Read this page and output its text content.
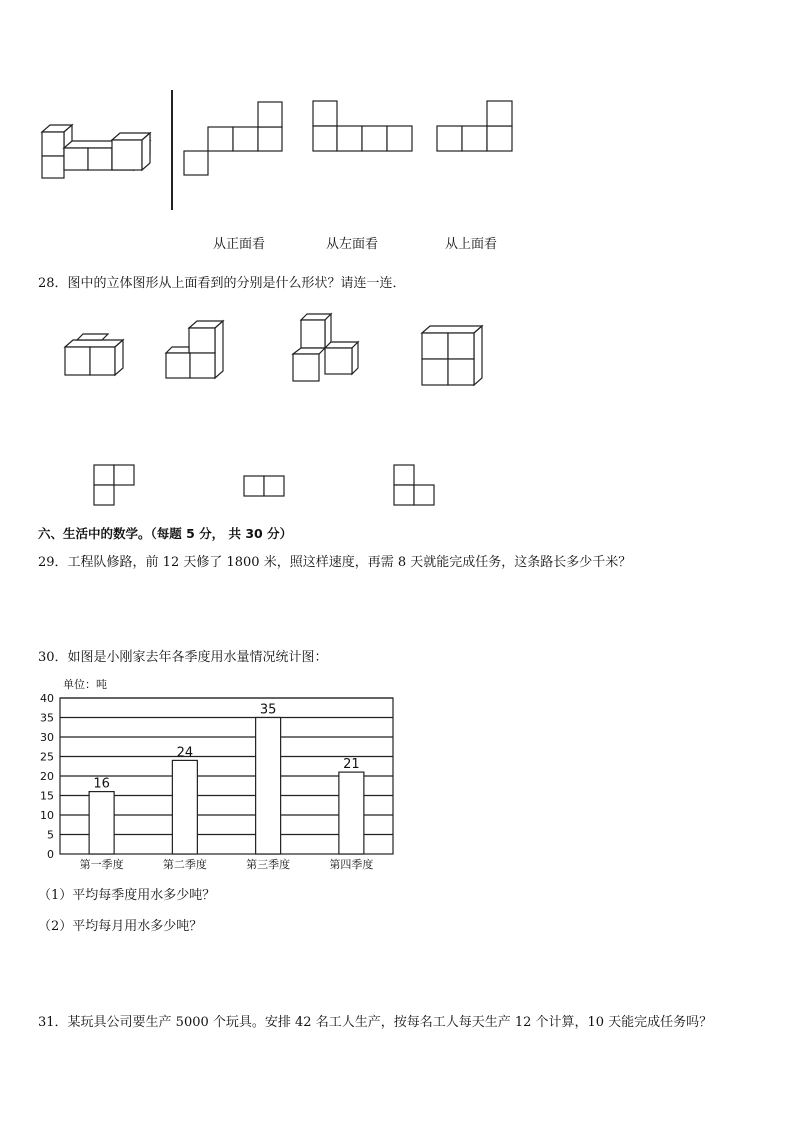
从正面看	从左面看	从上面看
28．图中的立体图形从上面看到的分别是什么形状？请连一连．
六、生活中的数学。（每题 5 分， 共 30 分）
29．工程队修路，前 12 天修了 1800 米，照这样速度，再需 8 天就能完成任务，这条路长多少千米？
30．如图是小刚家去年各季度用水量情况统计图：
单位：吨
0
5
10
15
20
25
30
35
40
16
第一季度
24
第二季度
35
第三季度
21
第四季度
（1）平均每季度用水多少吨？
（2）平均每月用水多少吨？
31．某玩具公司要生产 5000 个玩具。安排 42 名工人生产，按每名工人每天生产 12 个计算，10 天能完成任务吗？
